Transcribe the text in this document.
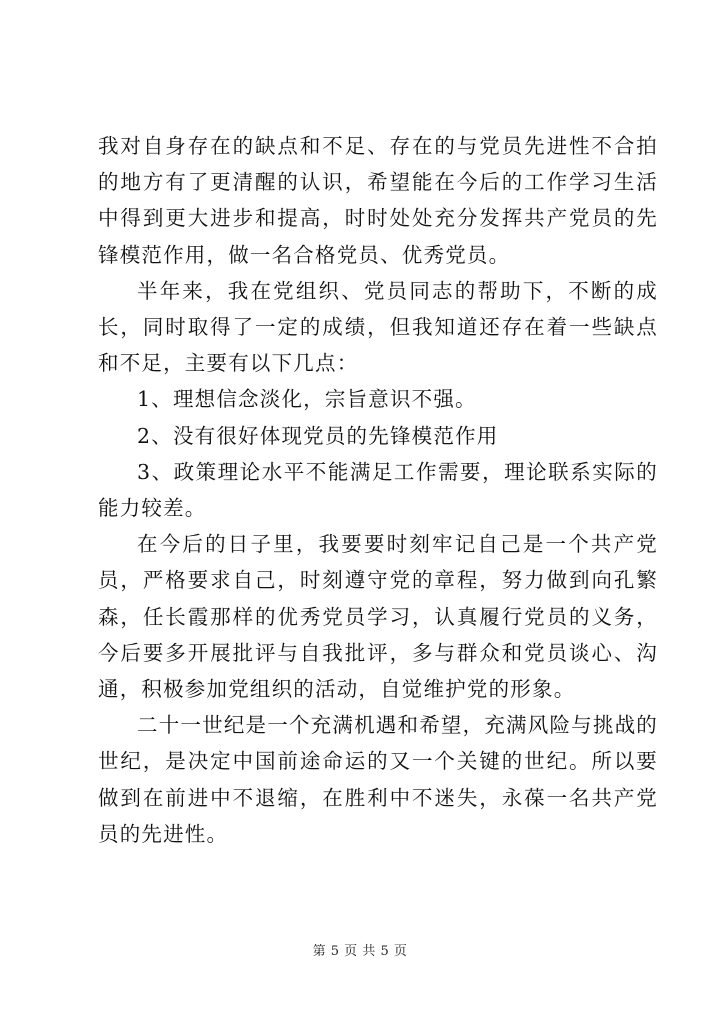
我对自身存在的缺点和不足、存在的与党员先进性不合拍的地方有了更清醒的认识，希望能在今后的工作学习生活中得到更大进步和提高，时时处处充分发挥共产党员的先锋模范作用，做一名合格党员、优秀党员。

半年来，我在党组织、党员同志的帮助下，不断的成长，同时取得了一定的成绩，但我知道还存在着一些缺点和不足，主要有以下几点：

1、理想信念淡化，宗旨意识不强。

2、没有很好体现党员的先锋模范作用

3、政策理论水平不能满足工作需要，理论联系实际的能力较差。

在今后的日子里，我要要时刻牢记自己是一个共产党员，严格要求自己，时刻遵守党的章程，努力做到向孔繁森，任长霞那样的优秀党员学习，认真履行党员的义务，今后要多开展批评与自我批评，多与群众和党员谈心、沟通，积极参加党组织的活动，自觉维护党的形象。

二十一世纪是一个充满机遇和希望，充满风险与挑战的世纪，是决定中国前途命运的又一个关键的世纪。所以要做到在前进中不退缩，在胜利中不迷失，永葆一名共产党员的先进性。

第 5 页 共 5 页
